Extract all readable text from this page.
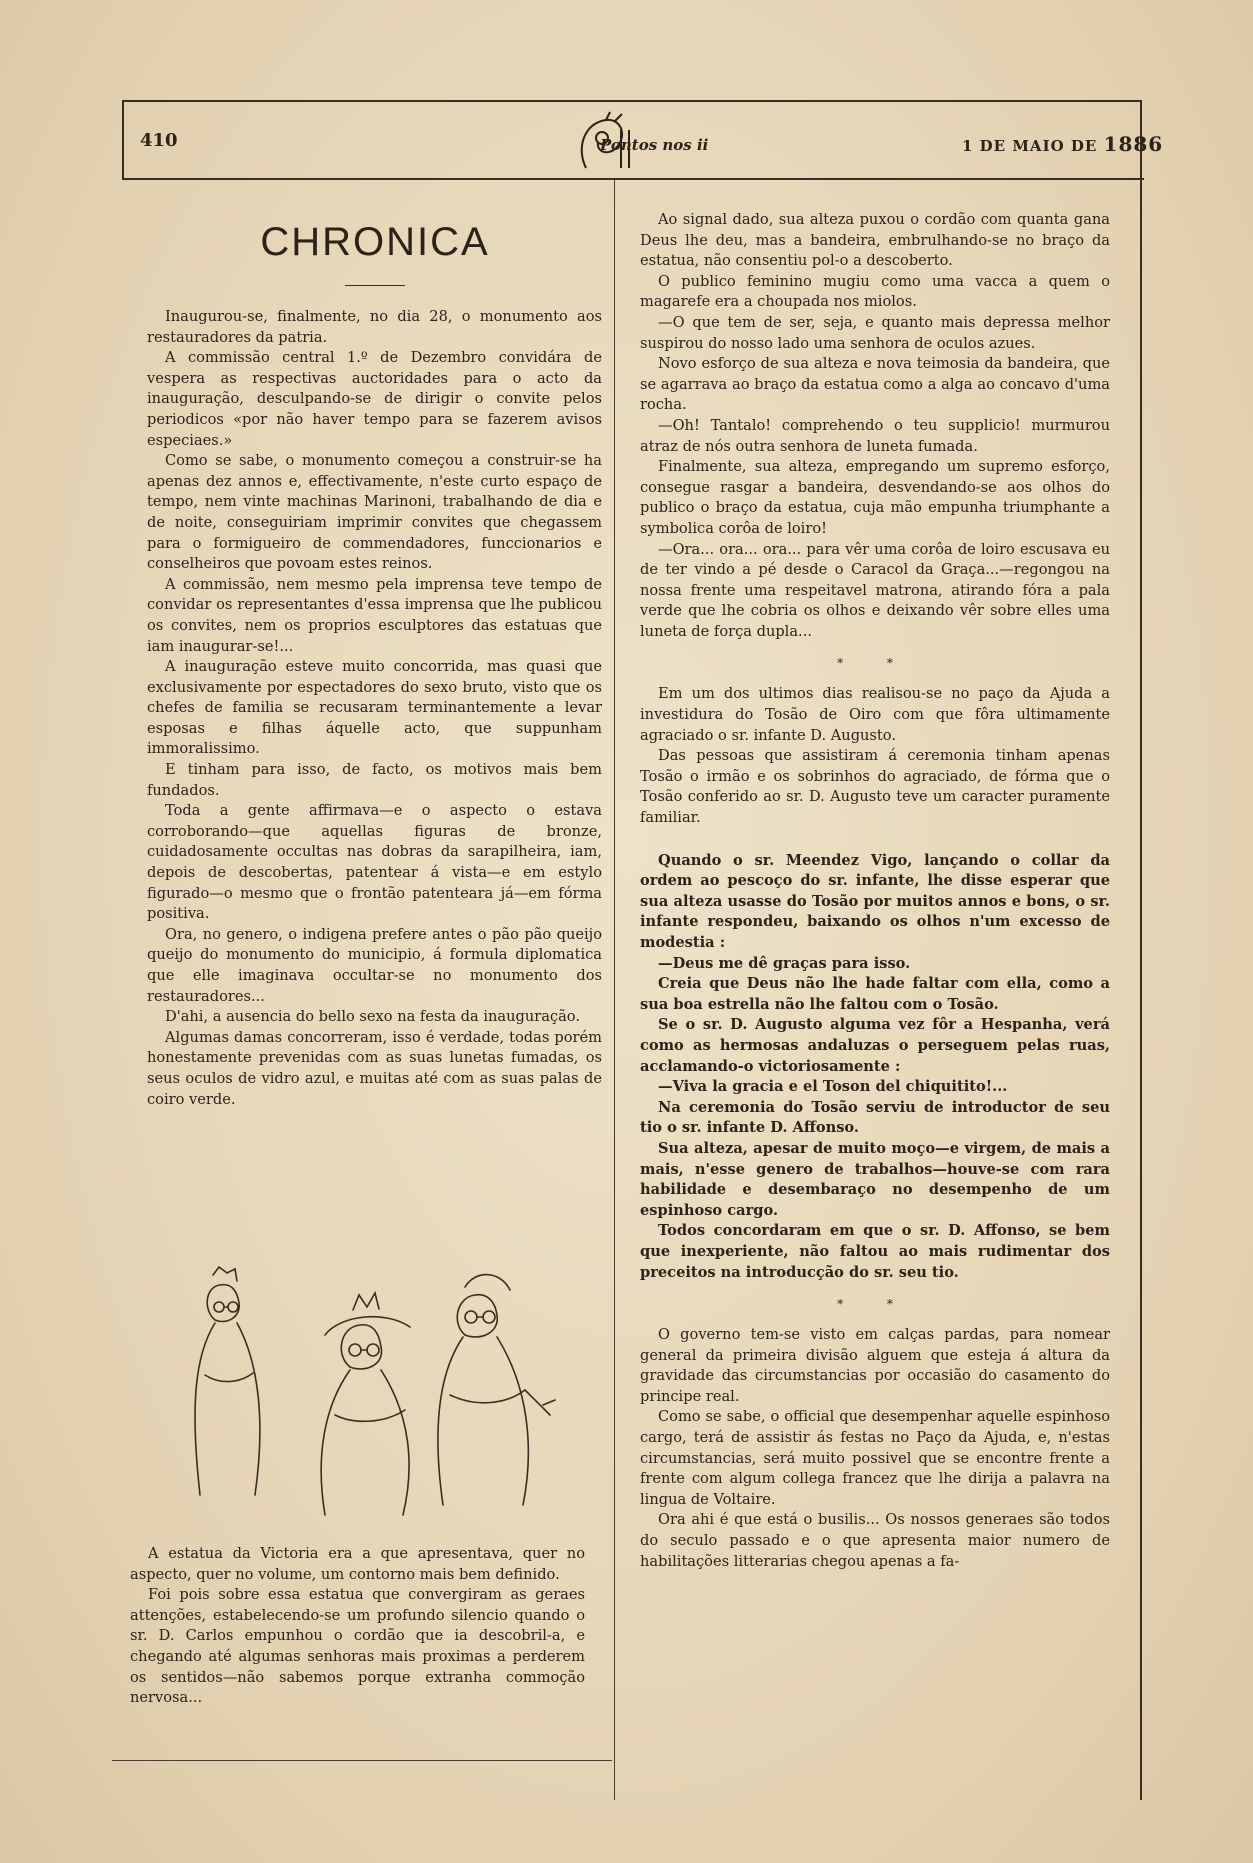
410	Pontos nos ii	1 DE MAIO DE 1886
CHRONICA

Inaugurou-se, finalmente, no dia 28, o monumento aos restauradores da patria.

A commissão central 1.º de Dezembro convidára de vespera as respectivas auctoridades para o acto da inauguração, desculpando-se de dirigir o convite pelos periodicos «por não haver tempo para se fazerem avisos especiaes.»

Como se sabe, o monumento começou a construir-se ha apenas dez annos e, effectivamente, n'este curto espaço de tempo, nem vinte machinas Marinoni, trabalhando de dia e de noite, conseguiriam imprimir convites que chegassem para o formigueiro de commendadores, funccionarios e conselheiros que povoam estes reinos.

A commissão, nem mesmo pela imprensa teve tempo de convidar os representantes d'essa imprensa que lhe publicou os convites, nem os proprios esculptores das estatuas que iam inaugurar-se!...

A inauguração esteve muito concorrida, mas quasi que exclusivamente por espectadores do sexo bruto, visto que os chefes de familia se recusaram terminantemente a levar esposas e filhas áquelle acto, que suppunham immoralissimo.

E tinham para isso, de facto, os motivos mais bem fundados.

Toda a gente affirmava—e o aspecto o estava corroborando—que aquellas figuras de bronze, cuidadosamente occultas nas dobras da sarapilheira, iam, depois de descobertas, patentear á vista—e em estylo figurado—o mesmo que o frontão patenteara já—em fórma positiva.

Ora, no genero, o indigena prefere antes o pão pão queijo queijo do monumento do municipio, á formula diplomatica que elle imaginava occultar-se no monumento dos restauradores...

D'ahi, a ausencia do bello sexo na festa da inauguração.

Algumas damas concorreram, isso é verdade, todas porém honestamente prevenidas com as suas lunetas fumadas, os seus oculos de vidro azul, e muitas até com as suas palas de coiro verde.

A estatua da Victoria era a que apresentava, quer no aspecto, quer no volume, um contorno mais bem definido.

Foi pois sobre essa estatua que convergiram as geraes attenções, estabelecendo-se um profundo silencio quando o sr. D. Carlos empunhou o cordão que ia descobril-a, e chegando até algumas senhoras mais proximas a perderem os sentidos—não sabemos porque extranha commoção nervosa...

Ao signal dado, sua alteza puxou o cordão com quanta gana Deus lhe deu, mas a bandeira, embrulhando-se no braço da estatua, não consentiu pol-o a descoberto.

O publico feminino mugiu como uma vacca a quem o magarefe era a choupada nos miolos.

—O que tem de ser, seja, e quanto mais depressa melhor suspirou do nosso lado uma senhora de oculos azues.

Novo esforço de sua alteza e nova teimosia da bandeira, que se agarrava ao braço da estatua como a alga ao concavo d'uma rocha.

—Oh! Tantalo! comprehendo o teu supplicio! murmurou atraz de nós outra senhora de luneta fumada.

Finalmente, sua alteza, empregando um supremo esforço, consegue rasgar a bandeira, desvendando-se aos olhos do publico o braço da estatua, cuja mão empunha triumphante a symbolica corôa de loiro!

—Ora... ora... ora... para vêr uma corôa de loiro escusava eu de ter vindo a pé desde o Caracol da Graça...—regongou na nossa frente uma respeitavel matrona, atirando fóra a pala verde que lhe cobria os olhos e deixando vêr sobre elles uma luneta de força dupla...

* *

Em um dos ultimos dias realisou-se no paço da Ajuda a investidura do Tosão de Oiro com que fôra ultimamente agraciado o sr. infante D. Augusto.

Das pessoas que assistiram á ceremonia tinham apenas Tosão o irmão e os sobrinhos do agraciado, de fórma que o Tosão conferido ao sr. D. Augusto teve um caracter puramente familiar.

Quando o sr. Meendez Vigo, lançando o collar da ordem ao pescoço do sr. infante, lhe disse esperar que sua alteza usasse do Tosão por muitos annos e bons, o sr. infante respondeu, baixando os olhos n'um excesso de modestia :

—Deus me dê graças para isso.

Creia que Deus não lhe hade faltar com ella, como a sua boa estrella não lhe faltou com o Tosão.

Se o sr. D. Augusto alguma vez fôr a Hespanha, verá como as hermosas andaluzas o perseguem pelas ruas, acclamando-o victoriosamente :

—Viva la gracia e el Toson del chiquitito!...

Na ceremonia do Tosão serviu de introductor de seu tio o sr. infante D. Affonso.

Sua alteza, apesar de muito moço—e virgem, de mais a mais, n'esse genero de trabalhos—houve-se com rara habilidade e desembaraço no desempenho de um espinhoso cargo.

Todos concordaram em que o sr. D. Affonso, se bem que inexperiente, não faltou ao mais rudimentar dos preceitos na introducção do sr. seu tio.

* *

O governo tem-se visto em calças pardas, para nomear general da primeira divisão alguem que esteja á altura da gravidade das circumstancias por occasião do casamento do principe real.

Como se sabe, o official que desempenhar aquelle espinhoso cargo, terá de assistir ás festas no Paço da Ajuda, e, n'estas circumstancias, será muito possivel que se encontre frente a frente com algum collega francez que lhe dirija a palavra na lingua de Voltaire.

Ora ahi é que está o busilis... Os nossos generaes são todos do seculo passado e o que apresenta maior numero de habilitações litterarias chegou apenas a fa-
